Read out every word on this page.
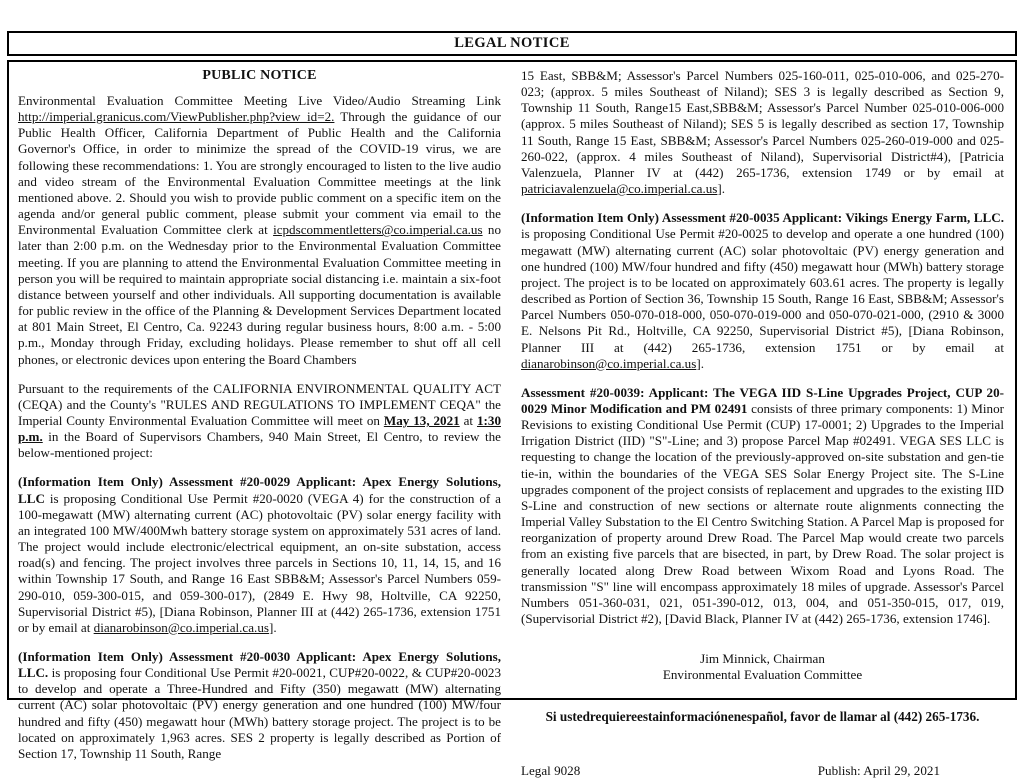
LEGAL NOTICE
PUBLIC NOTICE

Environmental Evaluation Committee Meeting Live Video/Audio Streaming Link http://imperial.granicus.com/ViewPublisher.php?view_id=2. Through the guidance of our Public Health Officer, California Department of Public Health and the California Governor's Office, in order to minimize the spread of the COVID-19 virus, we are following these recommendations: 1. You are strongly encouraged to listen to the live audio and video stream of the Environmental Evaluation Committee meetings at the link mentioned above. 2. Should you wish to provide public comment on a specific item on the agenda and/or general public comment, please submit your comment via email to the Environmental Evaluation Committee clerk at icpdscommentletters@co.imperial.ca.us no later than 2:00 p.m. on the Wednesday prior to the Environmental Evaluation Committee meeting. If you are planning to attend the Environmental Evaluation Committee meeting in person you will be required to maintain appropriate social distancing i.e. maintain a six-foot distance between yourself and other individuals. All supporting documentation is available for public review in the office of the Planning & Development Services Department located at 801 Main Street, El Centro, Ca. 92243 during regular business hours, 8:00 a.m. - 5:00 p.m., Monday through Friday, excluding holidays. Please remember to shut off all cell phones, or electronic devices upon entering the Board Chambers

Pursuant to the requirements of the CALIFORNIA ENVIRONMENTAL QUALITY ACT (CEQA) and the County's "RULES AND REGULATIONS TO IMPLEMENT CEQA" the Imperial County Environmental Evaluation Committee will meet on May 13, 2021 at 1:30 p.m. in the Board of Supervisors Chambers, 940 Main Street, El Centro, to review the below-mentioned project:

(Information Item Only) Assessment #20-0029 Applicant: Apex Energy Solutions, LLC is proposing Conditional Use Permit #20-0020 (VEGA 4) for the construction of a 100-megawatt (MW) alternating current (AC) photovoltaic (PV) solar energy facility with an integrated 100 MW/400Mwh battery storage system on approximately 531 acres of land. The project would include electronic/electrical equipment, an on-site substation, access road(s) and fencing. The project involves three parcels in Sections 10, 11, 14, 15, and 16 within Township 17 South, and Range 16 East SBB&M; Assessor's Parcel Numbers 059-290-010, 059-300-015, and 059-300-017), (2849 E. Hwy 98, Holtville, CA 92250, Supervisorial District #5), [Diana Robinson, Planner III at (442) 265-1736, extension 1751 or by email at dianarobinson@co.imperial.ca.us].

(Information Item Only) Assessment #20-0030 Applicant: Apex Energy Solutions, LLC. is proposing four Conditional Use Permit #20-0021, CUP#20-0022, & CUP#20-0023 to develop and operate a Three-Hundred and Fifty (350) megawatt (MW) alternating current (AC) solar photovoltaic (PV) energy generation and one hundred (100) MW/four hundred and fifty (450) megawatt hour (MWh) battery storage project. The project is to be located on approximately 1,963 acres. SES 2 property is legally described as Portion of Section 17, Township 11 South, Range

15 East, SBB&M; Assessor's Parcel Numbers 025-160-011, 025-010-006, and 025-270-023; (approx. 5 miles Southeast of Niland); SES 3 is legally described as Section 9, Township 11 South, Range15 East,SBB&M; Assessor's Parcel Number 025-010-006-000 (approx. 5 miles Southeast of Niland); SES 5 is legally described as section 17, Township 11 South, Range 15 East, SBB&M; Assessor's Parcel Numbers 025-260-019-000 and 025-260-022, (approx. 4 miles Southeast of Niland), Supervisorial District#4), [Patricia Valenzuela, Planner IV at (442) 265-1736, extension 1749 or by email at patriciavalenzuela@co.imperial.ca.us].

(Information Item Only) Assessment #20-0035 Applicant: Vikings Energy Farm, LLC. is proposing Conditional Use Permit #20-0025 to develop and operate a one hundred (100) megawatt (MW) alternating current (AC) solar photovoltaic (PV) energy generation and one hundred (100) MW/four hundred and fifty (450) megawatt hour (MWh) battery storage project. The project is to be located on approximately 603.61 acres. The property is legally described as Portion of Section 36, Township 15 South, Range 16 East, SBB&M; Assessor's Parcel Numbers 050-070-018-000, 050-070-019-000 and 050-070-021-000, (2910 & 3000 E. Nelsons Pit Rd., Holtville, CA 92250, Supervisorial District #5), [Diana Robinson, Planner III at (442) 265-1736, extension 1751 or by email at dianarobinson@co.imperial.ca.us].

Assessment #20-0039: Applicant: The VEGA IID S-Line Upgrades Project, CUP 20-0029 Minor Modification and PM 02491 consists of three primary components: 1) Minor Revisions to existing Conditional Use Permit (CUP) 17-0001; 2) Upgrades to the Imperial Irrigation District (IID) "S"-Line; and 3) propose Parcel Map #02491. VEGA SES LLC is requesting to change the location of the previously-approved on-site substation and gen-tie tie-in, within the boundaries of the VEGA SES Solar Energy Project site. The S-Line upgrades component of the project consists of replacement and upgrades to the existing IID S-Line and construction of new sections or alternate route alignments connecting the Imperial Valley Substation to the El Centro Switching Station. A Parcel Map is proposed for reorganization of property around Drew Road. The Parcel Map would create two parcels from an existing five parcels that are bisected, in part, by Drew Road. The solar project is generally located along Drew Road between Wixom Road and Lyons Road. The transmission "S" line will encompass approximately 18 miles of upgrade. Assessor's Parcel Numbers 051-360-031, 021, 051-390-012, 013, 004, and 051-350-015, 017, 019, (Supervisorial District #2), [David Black, Planner IV at (442) 265-1736, extension 1746].

Jim Minnick, Chairman
Environmental Evaluation Committee
Si ustedrequiereestainformaciónenespañol, favor de llamar al (442) 265-1736.
Legal 9028	Publish: April 29, 2021
